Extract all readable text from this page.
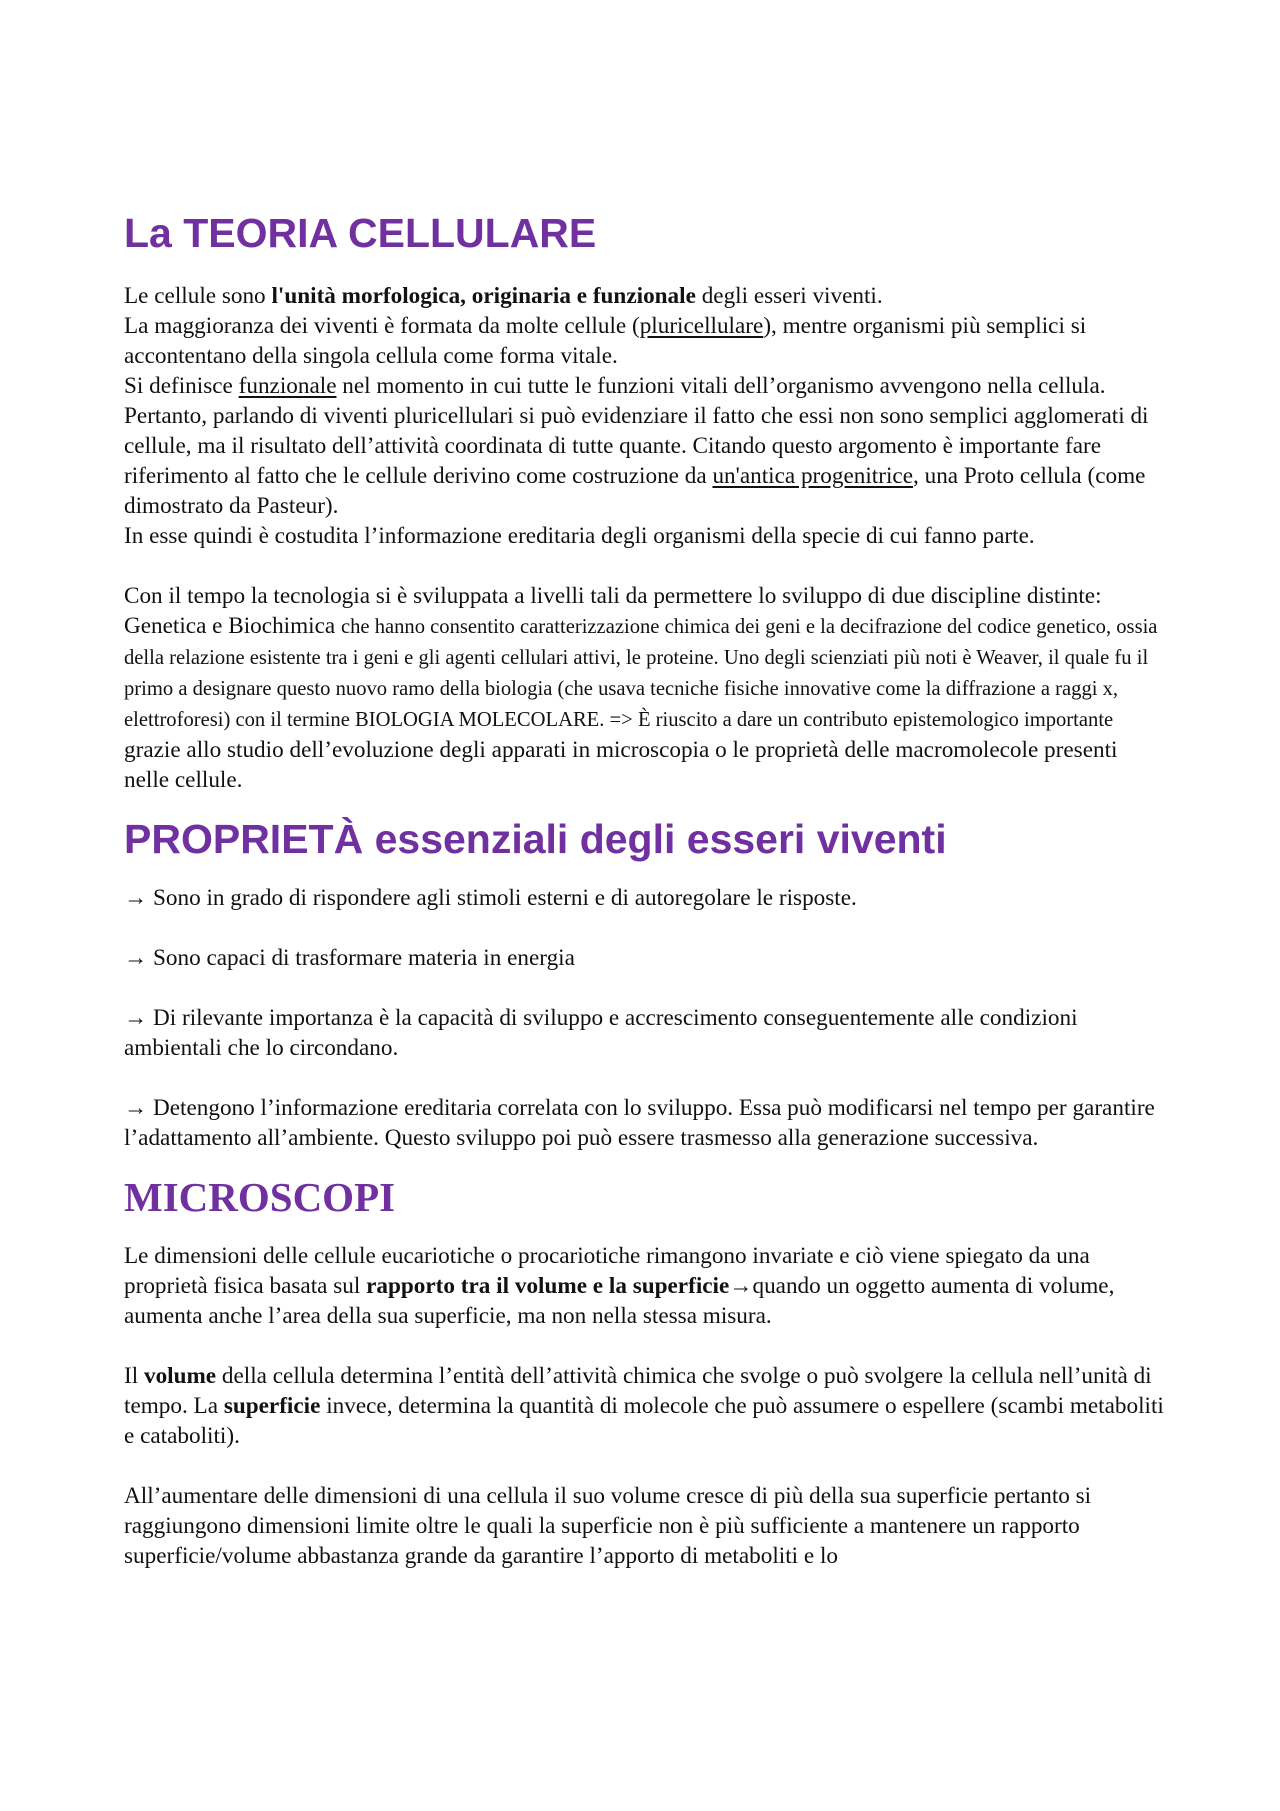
La TEORIA CELLULARE

Le cellule sono l'unità morfologica, originaria e funzionale degli esseri viventi.

La maggioranza dei viventi è formata da molte cellule (pluricellulare), mentre organismi più semplici si accontentano della singola cellula come forma vitale.

Si definisce funzionale nel momento in cui tutte le funzioni vitali dell’organismo avvengono nella cellula. Pertanto, parlando di viventi pluricellulari si può evidenziare il fatto che essi non sono semplici agglomerati di cellule, ma il risultato dell’attività coordinata di tutte quante. Citando questo argomento è importante fare riferimento al fatto che le cellule derivino come costruzione da un'antica progenitrice, una Proto cellula (come dimostrato da Pasteur).

In esse quindi è costudita l’informazione ereditaria degli organismi della specie di cui fanno parte.

Con il tempo la tecnologia si è sviluppata a livelli tali da permettere lo sviluppo di due discipline distinte: Genetica e Biochimica che hanno consentito caratterizzazione chimica dei geni e la decifrazione del codice genetico, ossia della relazione esistente tra i geni e gli agenti cellulari attivi, le proteine. Uno degli scienziati più noti è Weaver, il quale fu il primo a designare questo nuovo ramo della biologia (che usava tecniche fisiche innovative come la diffrazione a raggi x, elettroforesi) con il termine BIOLOGIA MOLECOLARE. => È riuscito a dare un contributo epistemologico importante grazie allo studio dell’evoluzione degli apparati in microscopia o le proprietà delle macromolecole presenti nelle cellule.

PROPRIETÀ essenziali degli esseri viventi

→ Sono in grado di rispondere agli stimoli esterni e di autoregolare le risposte.

→ Sono capaci di trasformare materia in energia

→ Di rilevante importanza è la capacità di sviluppo e accrescimento conseguentemente alle condizioni ambientali che lo circondano.

→ Detengono l’informazione ereditaria correlata con lo sviluppo. Essa può modificarsi nel tempo per garantire l’adattamento all’ambiente. Questo sviluppo poi può essere trasmesso alla generazione successiva.

MICROSCOPI

Le dimensioni delle cellule eucariotiche o procariotiche rimangono invariate e ciò viene spiegato da una proprietà fisica basata sul rapporto tra il volume e la superficie→quando un oggetto aumenta di volume, aumenta anche l’area della sua superficie, ma non nella stessa misura.

Il volume della cellula determina l’entità dell’attività chimica che svolge o può svolgere la cellula nell’unità di tempo. La superficie invece, determina la quantità di molecole che può assumere o espellere (scambi metaboliti e cataboliti).

All’aumentare delle dimensioni di una cellula il suo volume cresce di più della sua superficie pertanto si raggiungono dimensioni limite oltre le quali la superficie non è più sufficiente a mantenere un rapporto superficie/volume abbastanza grande da garantire l’apporto di metaboliti e lo
